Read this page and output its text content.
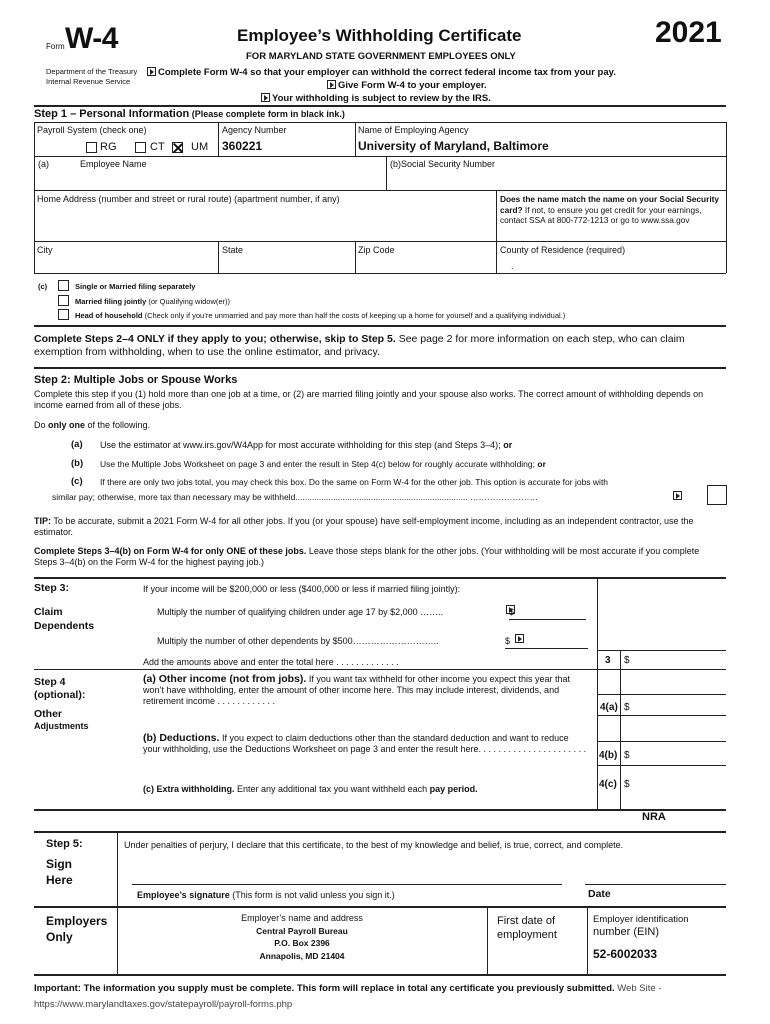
Form W-4	Employee’s Withholding Certificate	2021
FOR MARYLAND STATE GOVERNMENT EMPLOYEES ONLY
Department of the Treasury
Internal Revenue Service
Complete Form W-4 so that your employer can withhold the correct federal income tax from your pay.
Give Form W-4 to your employer.
Your withholding is subject to review by the IRS.
Step 1 – Personal Information (Please complete form in black ink.)
Payroll System (check one)	Agency Number	Name of Employing Agency
RG	CT UM 360221	University of Maryland, Baltimore
(a)	Employee Name	(b)Social Security Number
Home Address (number and street or rural route) (apartment number, if any)	Does the name match the name on your Social Security card? If not, to ensure you get credit for your earnings, contact SSA at 800-772-1213 or go to www.ssa.gov
City	State	Zip Code	County of Residence (required)
.
(c)	Single or Married filing separately
Married filing jointly (or Qualifying widow(er))
Head of household (Check only if you’re unmarried and pay more than half the costs of keeping up a home for yourself and a qualifying individual.)
Complete Steps 2–4 ONLY if they apply to you; otherwise, skip to Step 5. See page 2 for more information on each step, who can claim exemption from withholding, when to use the online estimator, and privacy.
Step 2: Multiple Jobs or Spouse Works
Complete this step if you (1) hold more than one job at a time, or (2) are married filing jointly and your spouse also works. The correct amount of withholding depends on income earned from all of these jobs.
Do only one of the following.
(a) Use the estimator at www.irs.gov/W4App for most accurate withholding for this step (and Steps 3–4); or
(b) Use the Multiple Jobs Worksheet on page 3 and enter the result in Step 4(c) below for roughly accurate withholding; or
(c) If there are only two jobs total, you may check this box. Do the same on Form W-4 for the other job. This option is accurate for jobs with
similar pay; otherwise, more tax than necessary may be withheld......................................................................... ……………………

TIP: To be accurate, submit a 2021 Form W-4 for all other jobs. If you (or your spouse) have self-employment income, including as an independent contractor, use the estimator.
Complete Steps 3–4(b) on Form W-4 for only ONE of these jobs. Leave those steps blank for the other jobs. (Your withholding will be most accurate if you complete Steps 3–4(b) on the Form W-4 for the highest paying job.)
Step 3:
Claim
Dependents
If your income will be $200,000 or less ($400,000 or less if married filing jointly):
Multiply the number of qualifying children under age 17 by $2,000 ……..
	$
Multiply the number of other dependents by $500………………………..	$
Add the amounts above and enter the total here . . . . . . . . . . . . .	3 $
Step 4
(optional):
Other
Adjustments
(a) Other income (not from jobs). If you want tax withheld for other income you expect this year that won’t have withholding, enter the amount of other income here. This may include interest, dividends, and retirement income . . . . . . . . . . . .
4(a) $
(b) Deductions. If you expect to claim deductions other than the standard deduction and want to reduce your withholding, use the Deductions Worksheet on page 3 and enter the result here. . . . . . . . . . . . . . . . . . . . . .
4(b) $
(c) Extra withholding. Enter any additional tax you want withheld each pay period.	4(c) $
NRA
Step 5:
Sign
Here
Under penalties of perjury, I declare that this certificate, to the best of my knowledge and belief, is true, correct, and complete.
Employee’s signature (This form is not valid unless you sign it.)	Date
Employers
Only
Employer’s name and address
Central Payroll Bureau
P.O. Box 2396
Annapolis, MD 21404
First date of
employment
Employer identification
number (EIN)
52-6002033
Important: The information you supply must be complete. This form will replace in total any certificate you previously submitted. Web Site - https://www.marylandtaxes.gov/statepayroll/payroll-forms.php
